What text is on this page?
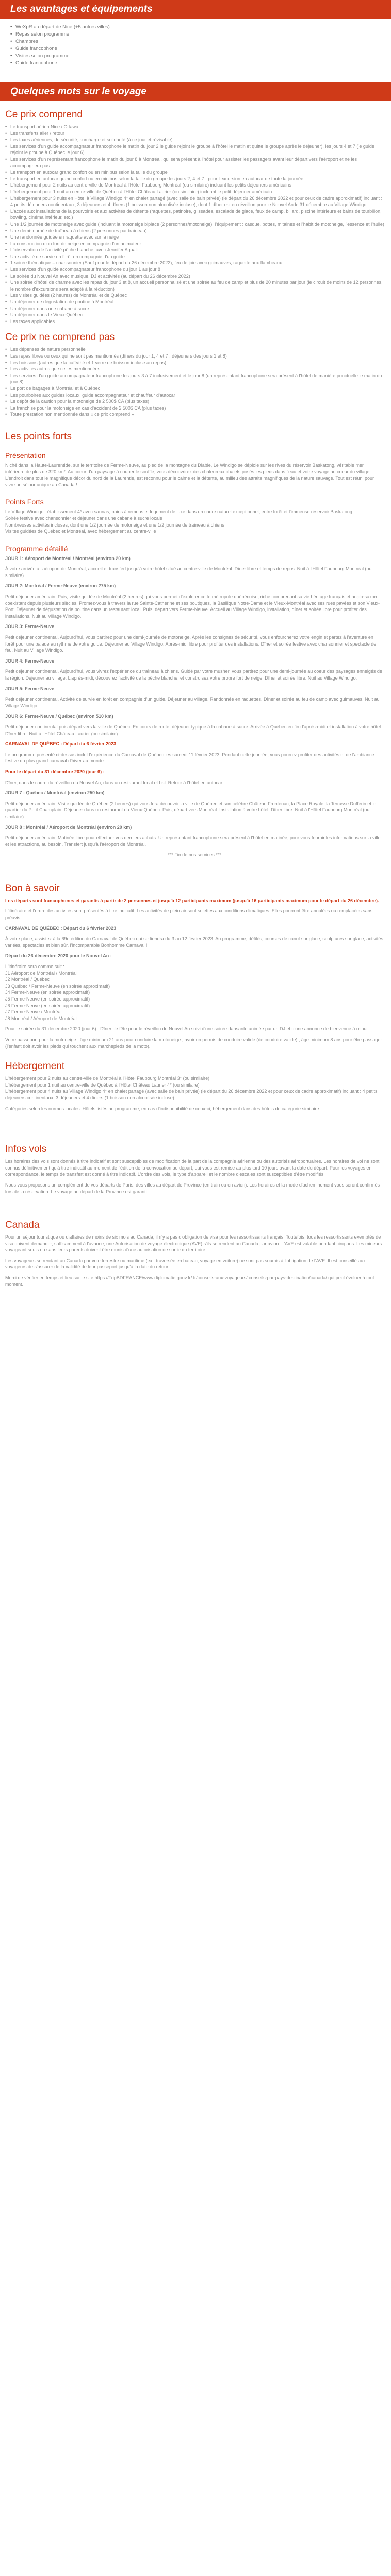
Les avantages et équipements
• WeXpR au départ de Nice (+5 autres villes)
• Repas selon programme
• Chambres
• Guide francophone
• Visites selon programme
• Guide francophone
Quelques mots sur le voyage
Ce prix comprend
• Le transport aérien Nice / Ottawa
• Les transferts aller / retour
• Les taxes aériennes, de sécurité, surcharge et solidarité (à ce jour et révisable)
• Les services d'un guide accompagnateur francophone le matin du jour 2 le guide rejoint le groupe à l'hôtel le matin et quitte le groupe après le déjeuner), les jours 4 et 7 (le guide rejoint le groupe à Québec le jour 6)
• Les services d'un représentant francophone le matin du jour 8 à Montréal, qui sera présent à l'hôtel pour assister les passagers avant leur départ vers l'aéroport et ne les accompagnera pas
• Le transport en autocar grand confort ou en minibus selon la taille du groupe
• Le transport en autocar grand confort ou en minibus selon la taille du groupe les jours 2, 4 et 7 ; pour l'excursion en autocar de toute la journée
• L'hébergement pour 2 nuits au centre-ville de Montréal à l'Hôtel Faubourg Montréal (ou similaire) incluant les petits déjeuners américains
• L'hébergement pour 1 nuit au centre-ville de Québec à l'Hôtel Château Laurier (ou similaire) incluant le petit déjeuner américain
• L'hébergement pour 3 nuits en Hôtel à Village Windigo 4* en chalet partagé (avec salle de bain privée) (le départ du 26 décembre 2022 et pour ceux de cadre approximatif) incluant : 4 petits déjeuners continentaux, 3 déjeuners et 4 dîners (1 boisson non alcoolisée incluse), dont 1 dîner est en réveillon pour le Nouvel An le 31 décembre au Village Windigo
• L'accès aux installations de la pourvoirie et aux activités de détente (raquettes, patinoire, glissades, escalade de glace, feux de camp, billard, piscine intérieure et bains de tourbillon, bowling, cinéma intérieur, etc.)
• Une 1/2 journée de motoneige avec guide (incluant la motoneige biplace (2 personnes/motoneige), l'équipement : casque, bottes, mitaines et l'habit de motoneige, l'essence et l'huile)
• Une demi-journée de traîneau à chiens (2 personnes par traîneau)
• Une randonnée guidée en raquette avec sur la neige
• La construction d'un fort de neige en compagnie d'un animateur
• L'observation de l'activité pêche blanche, avec Jennifer Aquali
• Une activité de survie en forêt en compagnie d'un guide
• 1 soirée thématique – chansonnier (Sauf pour le départ du 26 décembre 2022), feu de joie avec guimauves, raquette aux flambeaux
• Les services d'un guide accompagnateur francophone du jour 1 au jour 8
• La soirée du Nouvel An avec musique, DJ et activités (au départ du 26 décembre 2022)
• Une soirée d'hôtel de charme avec les repas du jour 3 et 8, un accueil personnalisé et une soirée au feu de camp et plus de 20 minutes par jour (le circuit de moins de 12 personnes, le nombre d'excursions sera adapté à la réduction)
• Les visites guidées (2 heures) de Montréal et de Québec
• Un déjeuner de dégustation de poutine à Montréal
• Un déjeuner dans une cabane à sucre
• Un déjeuner dans le Vieux-Québec
• Les taxes applicables
Ce prix ne comprend pas
• Les dépenses de nature personnelle
• Les repas libres ou ceux qui ne sont pas mentionnés (dîners du jour 1, 4 et 7 ; déjeuners des jours 1 et 8)
• Les boissons (autres que la café/thé et 1 verre de boisson incluse au repas)
• Les activités autres que celles mentionnées
• Les services d'un guide accompagnateur francophone les jours 3 à 7 inclusivement et le jour 8 (un représentant francophone sera présent à l'hôtel de manière ponctuelle le matin du jour 8)
• Le port de bagages à Montréal et à Québec
• Les pourboires aux guides locaux, guide accompagnateur et chauffeur d'autocar
• Le dépôt de la caution pour la motoneige de 2 500$ CA (plus taxes)
• La franchise pour la motoneige en cas d'accident de 2 500$ CA (plus taxes)
• Toute prestation non mentionnée dans « ce prix comprend »
Les points forts
Présentation
Niché dans la Haute-Laurentide, sur le territoire de Ferme-Neuve, au pied de la montagne du Diable, Le Windigo se déploie sur les rives du réservoir Baskatong, véritable mer intérieure de plus de 320 km². Au coeur d'un paysage à couper le souffle, vous découvrirez des chaleureux chalets posés les pieds dans l'eau et votre voyage au coeur du village. L'endroit dans tout le magnifique décor du nord de la Laurentie, est reconnu pour le calme et la détente, au milieu des attraits magnifiques de la nature sauvage. Tout est réuni pour vivre un séjour unique au Canada !
Points Forts
Le Village Windigo : établissement 4* avec saunas, bains à remous et logement de luxe dans un cadre naturel exceptionnel, entre forêt et l'immense réservoir Baskatong
Soirée festive avec chansonnier et déjeuner dans une cabane à sucre locale
Nombreuses activités incluses, dont une 1/2 journée de motoneige et une 1/2 journée de traîneau à chiens
Visites guidées de Québec et Montréal, avec hébergement au centre-ville
Programme détaillé
JOUR 1: Aéroport de Montréal / Montréal (environ 20 km)
À votre arrivée à l'aéroport de Montréal, accueil et transfert jusqu'à votre hôtel situé au centre-ville de Montréal. Dîner libre et temps de repos. Nuit à l'Hôtel Faubourg Montréal (ou similaire).
JOUR 2: Montréal / Ferme-Neuve (environ 275 km)
Petit déjeuner américain. Puis, visite guidée de Montréal (2 heures) qui vous permet d'explorer cette métropole québécoise, riche comprenant sa vie héritage français et anglo-saxon coexistant depuis plusieurs siècles. Promez-vous à travers la rue Sainte-Catherine et ses boutiques, la Basilique Notre-Dame et le Vieux-Montréal avec ses rues pavées et son Vieux-Port. Déjeuner de dégustation de poutine dans un restaurant local. Puis, départ vers Ferme-Neuve. Accueil au Village Windigo, installation, dîner et soirée libre pour profiter des installations. Nuit au Village Windigo.
JOUR 3: Ferme-Neuve
Petit déjeuner continental. Aujourd'hui, vous partirez pour une demi-journée de motoneige. Après les consignes de sécurité, vous enfourcherez votre engin et partez à l'aventure en forêt pour une balade au rythme de votre guide. Déjeuner au Village Windigo. Après-midi libre pour profiter des installations. Dîner et soirée festive avec chansonnier et spectacle de feu. Nuit au Village Windigo.
JOUR 4: Ferme-Neuve
Petit déjeuner continental. Aujourd'hui, vous vivrez l'expérience du traîneau à chiens. Guidé par votre musher, vous partirez pour une demi-journée au coeur des paysages enneigés de la région. Déjeuner au village. L'après-midi, découvrez l'activité de la pêche blanche, et construisez votre propre fort de neige. Dîner et soirée libre. Nuit au Village Windigo.
JOUR 5: Ferme-Neuve
Petit déjeuner continental. Activité de survie en forêt en compagnie d'un guide. Déjeuner au village. Randonnée en raquettes. Dîner et soirée au feu de camp avec guimauves. Nuit au Village Windigo.
JOUR 6: Ferme-Neuve / Québec (environ 510 km)
Petit déjeuner continental puis départ vers la ville de Québec. En cours de route, déjeuner typique à la cabane à sucre. Arrivée à Québec en fin d'après-midi et installation à votre hôtel. Dîner libre. Nuit à l'Hôtel Château Laurier (ou similaire).
CARNAVAL DE QUÉBEC : Départ du 6 février 2023
Le programme présenté ci-dessus inclut l'expérience du Carnaval de Québec les samedi 11 février 2023. Pendant cette journée, vous pourrez profiter des activités et de l'ambiance festive du plus grand carnaval d'hiver au monde.
Pour le départ du 31 décembre 2020 (jour 6) :
Dîner, dans le cadre du réveillon du Nouvel An, dans un restaurant local et bal. Retour à l'hôtel en autocar.
JOUR 7 : Québec / Montréal (environ 250 km)
Petit déjeuner américain. Visite guidée de Québec (2 heures) qui vous fera découvrir la ville de Québec et son célèbre Château Frontenac, la Place Royale, la Terrasse Dufferin et le quartier du Petit Champlain. Déjeuner dans un restaurant du Vieux-Québec. Puis, départ vers Montréal. Installation à votre hôtel. Dîner libre. Nuit à l'Hôtel Faubourg Montréal (ou similaire).
JOUR 8 : Montréal / Aéroport de Montréal (environ 20 km)
Petit déjeuner américain. Matinée libre pour effectuer vos derniers achats. Un représentant francophone sera présent à l'hôtel en matinée, pour vous fournir les informations sur la ville et les attractions, au besoin. Transfert jusqu'à l'aéroport de Montréal.
*** Fin de nos services ***
Bon à savoir
Les départs sont francophones et garantis à partir de 2 personnes et jusqu'à 12 participants maximum (jusqu'à 16 participants maximum pour le départ du 26 décembre).
L'itinéraire et l'ordre des activités sont présentés à titre indicatif. Les activités de plein air sont sujettes aux conditions climatiques. Elles pourront être annulées ou remplacées sans préavis.
CARNAVAL DE QUÉBEC : Départ du 6 février 2023
À votre place, assistez à la 69e édition du Carnaval de Québec qui se tiendra du 3 au 12 février 2023. Au programme, défilés, courses de canot sur glace, sculptures sur glace, activités variées, spectacles et bien sûr, l'incomparable Bonhomme Carnaval !
Départ du 26 décembre 2020 pour le Nouvel An :
L'itinéraire sera comme suit :
J1 Aéroport de Montréal / Montréal
J2 Montréal / Québec
J3 Québec / Ferme-Neuve (en soirée approximatif)
J4 Ferme-Neuve (en soirée approximatif)
J5 Ferme-Neuve (en soirée approximatif)
J6 Ferme-Neuve (en soirée approximatif)
J7 Ferme-Neuve / Montréal
J8 Montréal / Aéroport de Montréal
Pour le soirée du 31 décembre 2020 (jour 6) : Dîner de fête pour le réveillon du Nouvel An suivi d'une soirée dansante animée par un DJ et d'une annonce de bienvenue à minuit.
Votre passeport pour la motoneige : âge minimum 21 ans pour conduire la motoneige ; avoir un permis de conduire valide (de conduire valide) ; âge minimum 8 ans pour être passager (l'enfant doit avoir les pieds qui touchent aux marchepieds de la moto).
Hébergement
L'hébergement pour 2 nuits au centre-ville de Montréal à l'Hôtel Faubourg Montréal 3* (ou similaire)
L'hébergement pour 1 nuit au centre-ville de Québec à l'Hôtel Château Laurier 4* (ou similaire)
L'hébergement pour 4 nuits au Village Windigo 4* en chalet partagé (avec salle de bain privée) (le départ du 26 décembre 2022 et pour ceux de cadre approximatif) incluant : 4 petits déjeuners continentaux, 3 déjeuners et 4 dîners (1 boisson non alcoolisée incluse).
Catégories selon les normes locales. Hôtels listés au programme, en cas d'indisponibilité de ceux-ci, hébergement dans des hôtels de catégorie similaire.
Infos vols
Les horaires des vols sont donnés à titre indicatif et sont susceptibles de modification de la part de la compagnie aérienne ou des autorités aéroportuaires. Les horaires de vol ne sont connus définitivement qu'à titre indicatif au moment de l'édition de la convocation au départ, qui vous est remise au plus tard 10 jours avant la date du départ. Pour les voyages en correspondance, le temps de transfert est donné à titre indicatif. L'ordre des vols, le type d'appareil et le nombre d'escales sont susceptibles d'être modifiés.
Nous vous proposons un complément de vos départs de Paris, des villes au départ de Province (en train ou en avion). Les horaires et la mode d'acheminement vous seront confirmés lors de la réservation. Le voyage au départ de la Province est garanti.
Canada
Pour un séjour touristique ou d'affaires de moins de six mois au Canada, il n'y a pas d'obligation de visa pour les ressortissants français. Toutefois, tous les ressortissants exemptés de visa doivent demander, suffisamment à l'avance, une Autorisation de voyage électronique (AVE) s'ils se rendent au Canada par avion. L'AVE est valable pendant cinq ans. Les mineurs voyageant seuls ou sans leurs parents doivent être munis d'une autorisation de sortie du territoire.
Les voyageurs se rendant au Canada par voie terrestre ou maritime (ex : traversée en bateau, voyage en voiture) ne sont pas soumis à l'obligation de l'AVE. Il est conseillé aux voyageurs de s'assurer de la validité de leur passeport jusqu'à la date du retour.
Merci de vérifier en temps et lieu sur le site https://TripBDFRANCE/www.diplomatie.gouv.fr/ fr/conseils-aux-voyageurs/ conseils-par-pays-destination/canada/ qui peut évoluer à tout moment.
